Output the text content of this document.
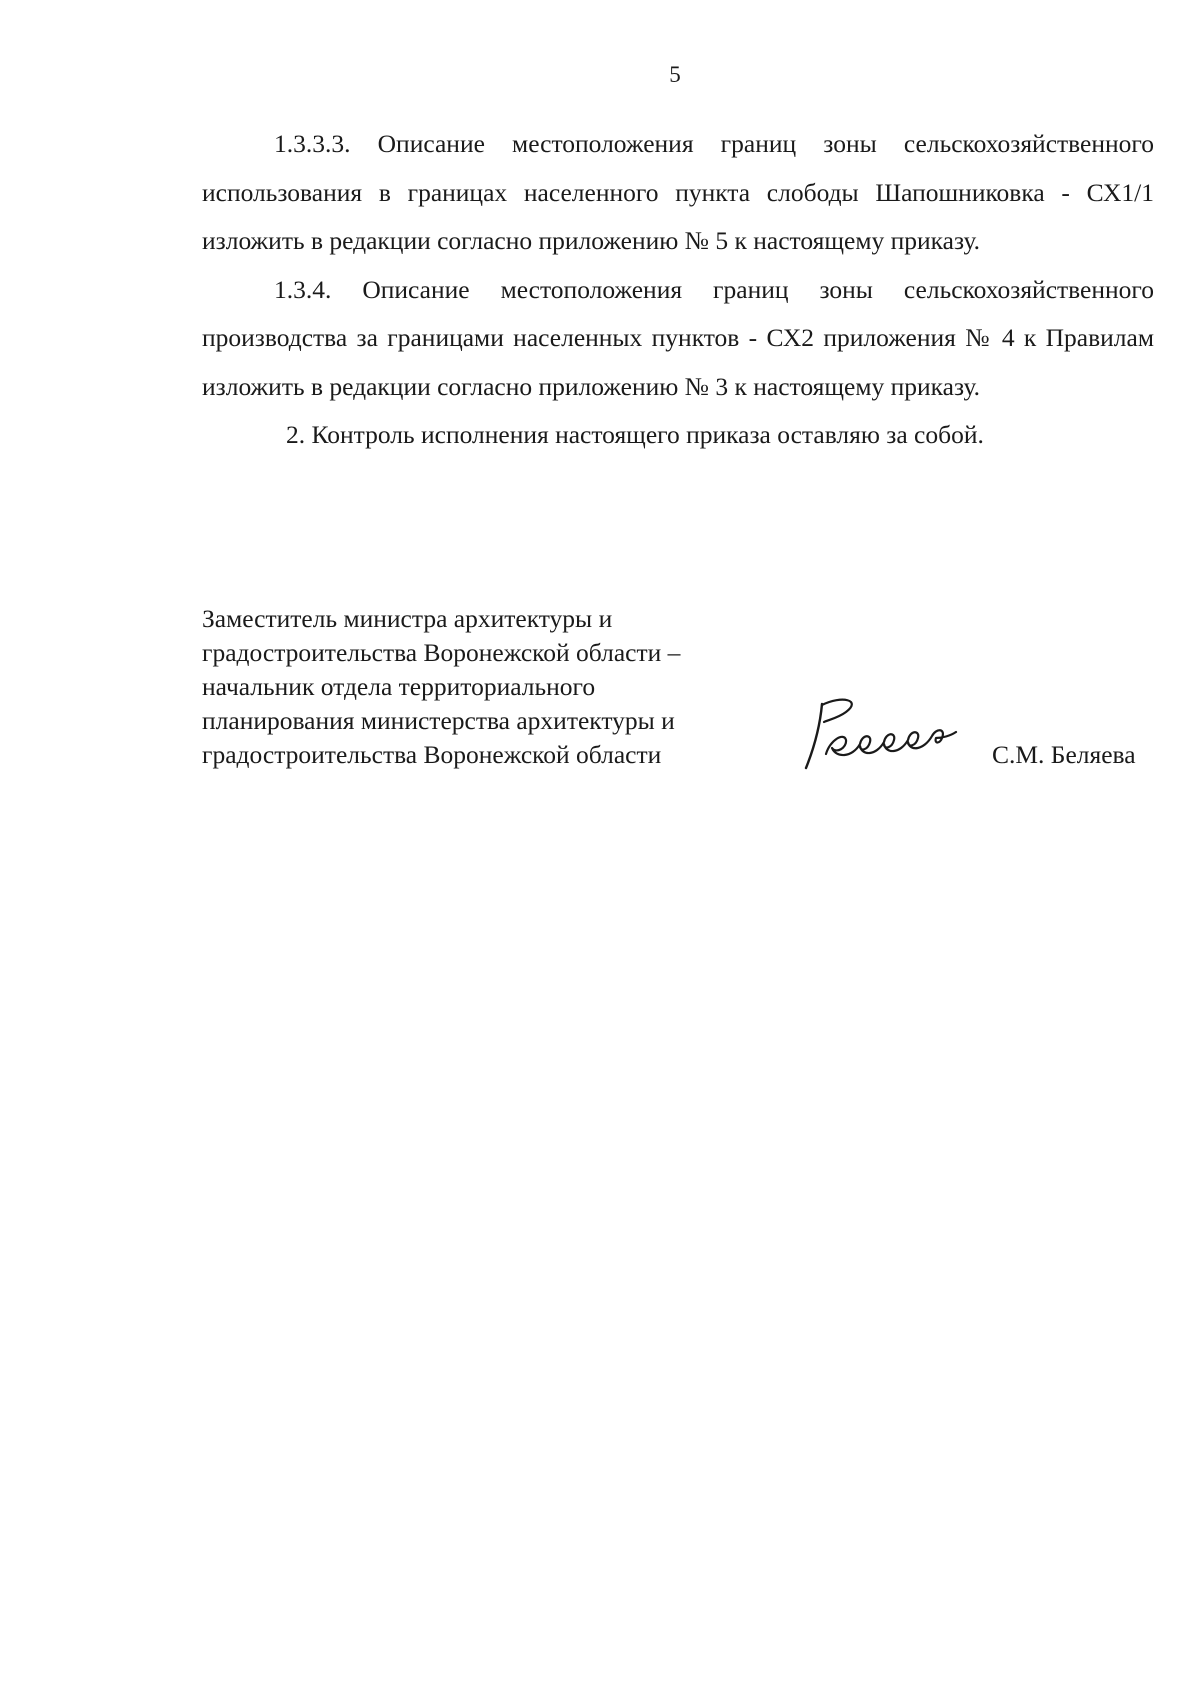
5

1.3.3.3. Описание местоположения границ зоны сельскохозяйственного использования в границах населенного пункта слободы Шапошниковка - СХ1/1 изложить в редакции согласно приложению № 5 к настоящему приказу.

1.3.4. Описание местоположения границ зоны сельскохозяйственного производства за границами населенных пунктов - СХ2 приложения № 4 к Правилам изложить в редакции согласно приложению № 3 к настоящему приказу.

2. Контроль исполнения настоящего приказа оставляю за собой.

Заместитель министра архитектуры и
градостроительства Воронежской области –
начальник отдела территориального
планирования министерства архитектуры и
градостроительства Воронежской области	С.М. Беляева
